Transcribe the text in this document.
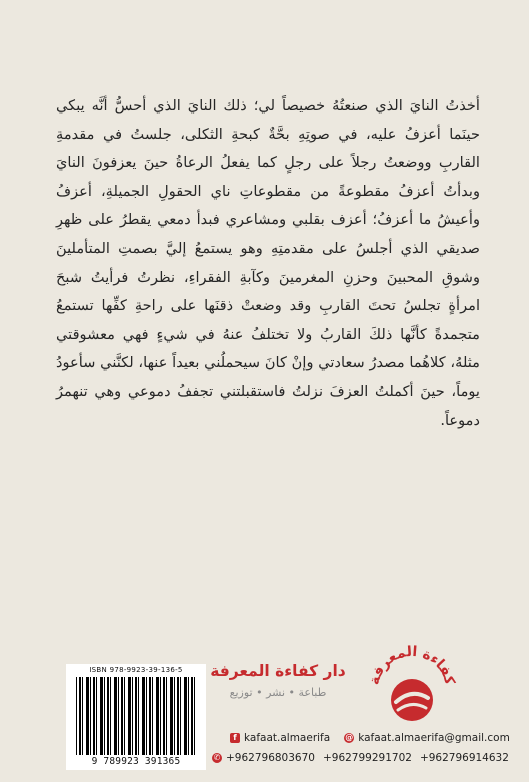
أخذتُ النايَ الذي صنعتُهُ خصيصاً لي؛ ذلك النايَ الذي أحسُّ أنَّه يبكي حينَما أعزفُ عليه، في صوتِهِ بحَّةٌ كبحةِ الثكلى، جلستُ في مقدمةِ القاربِ ووضعتُ رجلاً على رجلٍ كما يفعلُ الرعاةُ حينَ يعزفونَ النايَ وبدأتُ أعزفُ مقطوعةً من مقطوعاتِ ناي الحقولِ الجميلةِ، أعزفُ وأعيشُ ما أعزفُ؛ أعزف بقلبي ومشاعري فبدأ دمعي يقطرُ على ظهرِ صديقي الذي أجلسُ على مقدمتِهِ وهو يستمعُ إليَّ بصمتِ المتأملينَ وشوقِ المحبينَ وحزنِ المغرمينَ وكآبةِ الفقراءِ، نظرتُ فرأيتُ شبحَ امرأةٍ تجلسُ تحتَ القاربِ وقد وضعتْ ذقنَها على راحةِ كفِّها تستمعُ متجمدةً كأنَّها ذلكَ القاربُ ولا تختلفُ عنهُ في شيءٍ فهي معشوقتي مثلهُ، كلاهُما مصدرُ سعادتي وإنْ كانَ سيحملُني بعيداً عنها، لكنَّني سأعودُ يوماً، حينَ أكملتُ العزفَ نزلتُ فاستقبلتني تجففُ دموعي وهي تنهمرُ دموعاً.

ISBN 978-9923-39-136-5
9 789923 391365
دار كفاءة المعرفة
طباعة • نشر • توزيع
كفاءة المعرفة
f kafaat.almaerifa @ kafaat.almaerifa@gmail.com
✆ +962796803670 +962799291702 +962796914632
